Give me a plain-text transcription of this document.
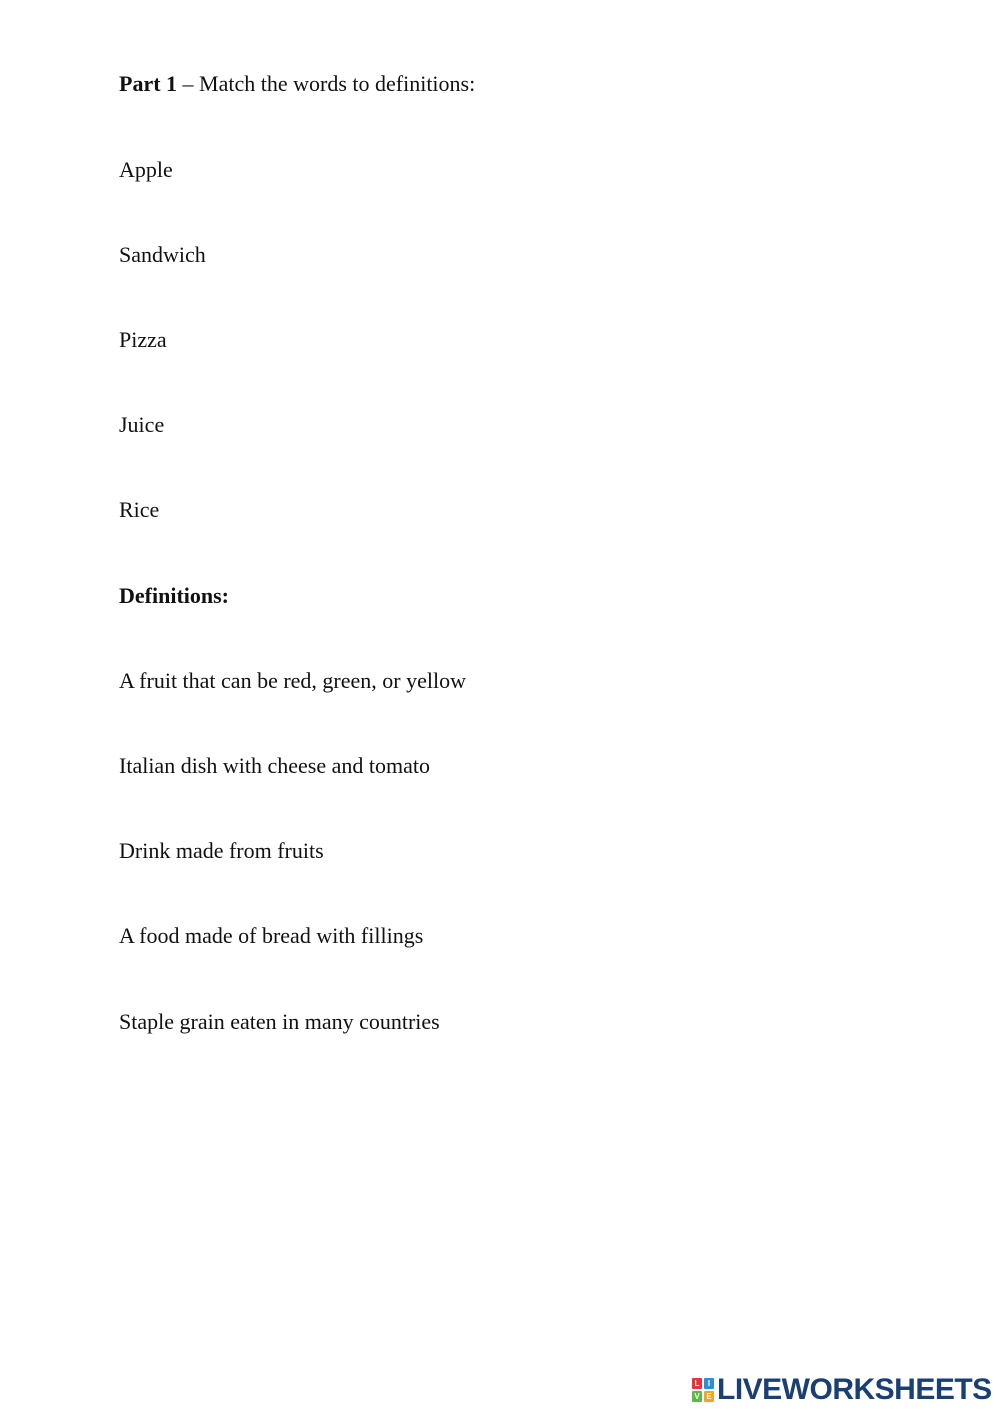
Part 1 – Match the words to definitions:
Apple
Sandwich
Pizza
Juice
Rice
Definitions:
A fruit that can be red, green, or yellow
Italian dish with cheese and tomato
Drink made from fruits
A food made of bread with fillings
Staple grain eaten in many countries
L	I
V E LIVEWORKSHEETS
